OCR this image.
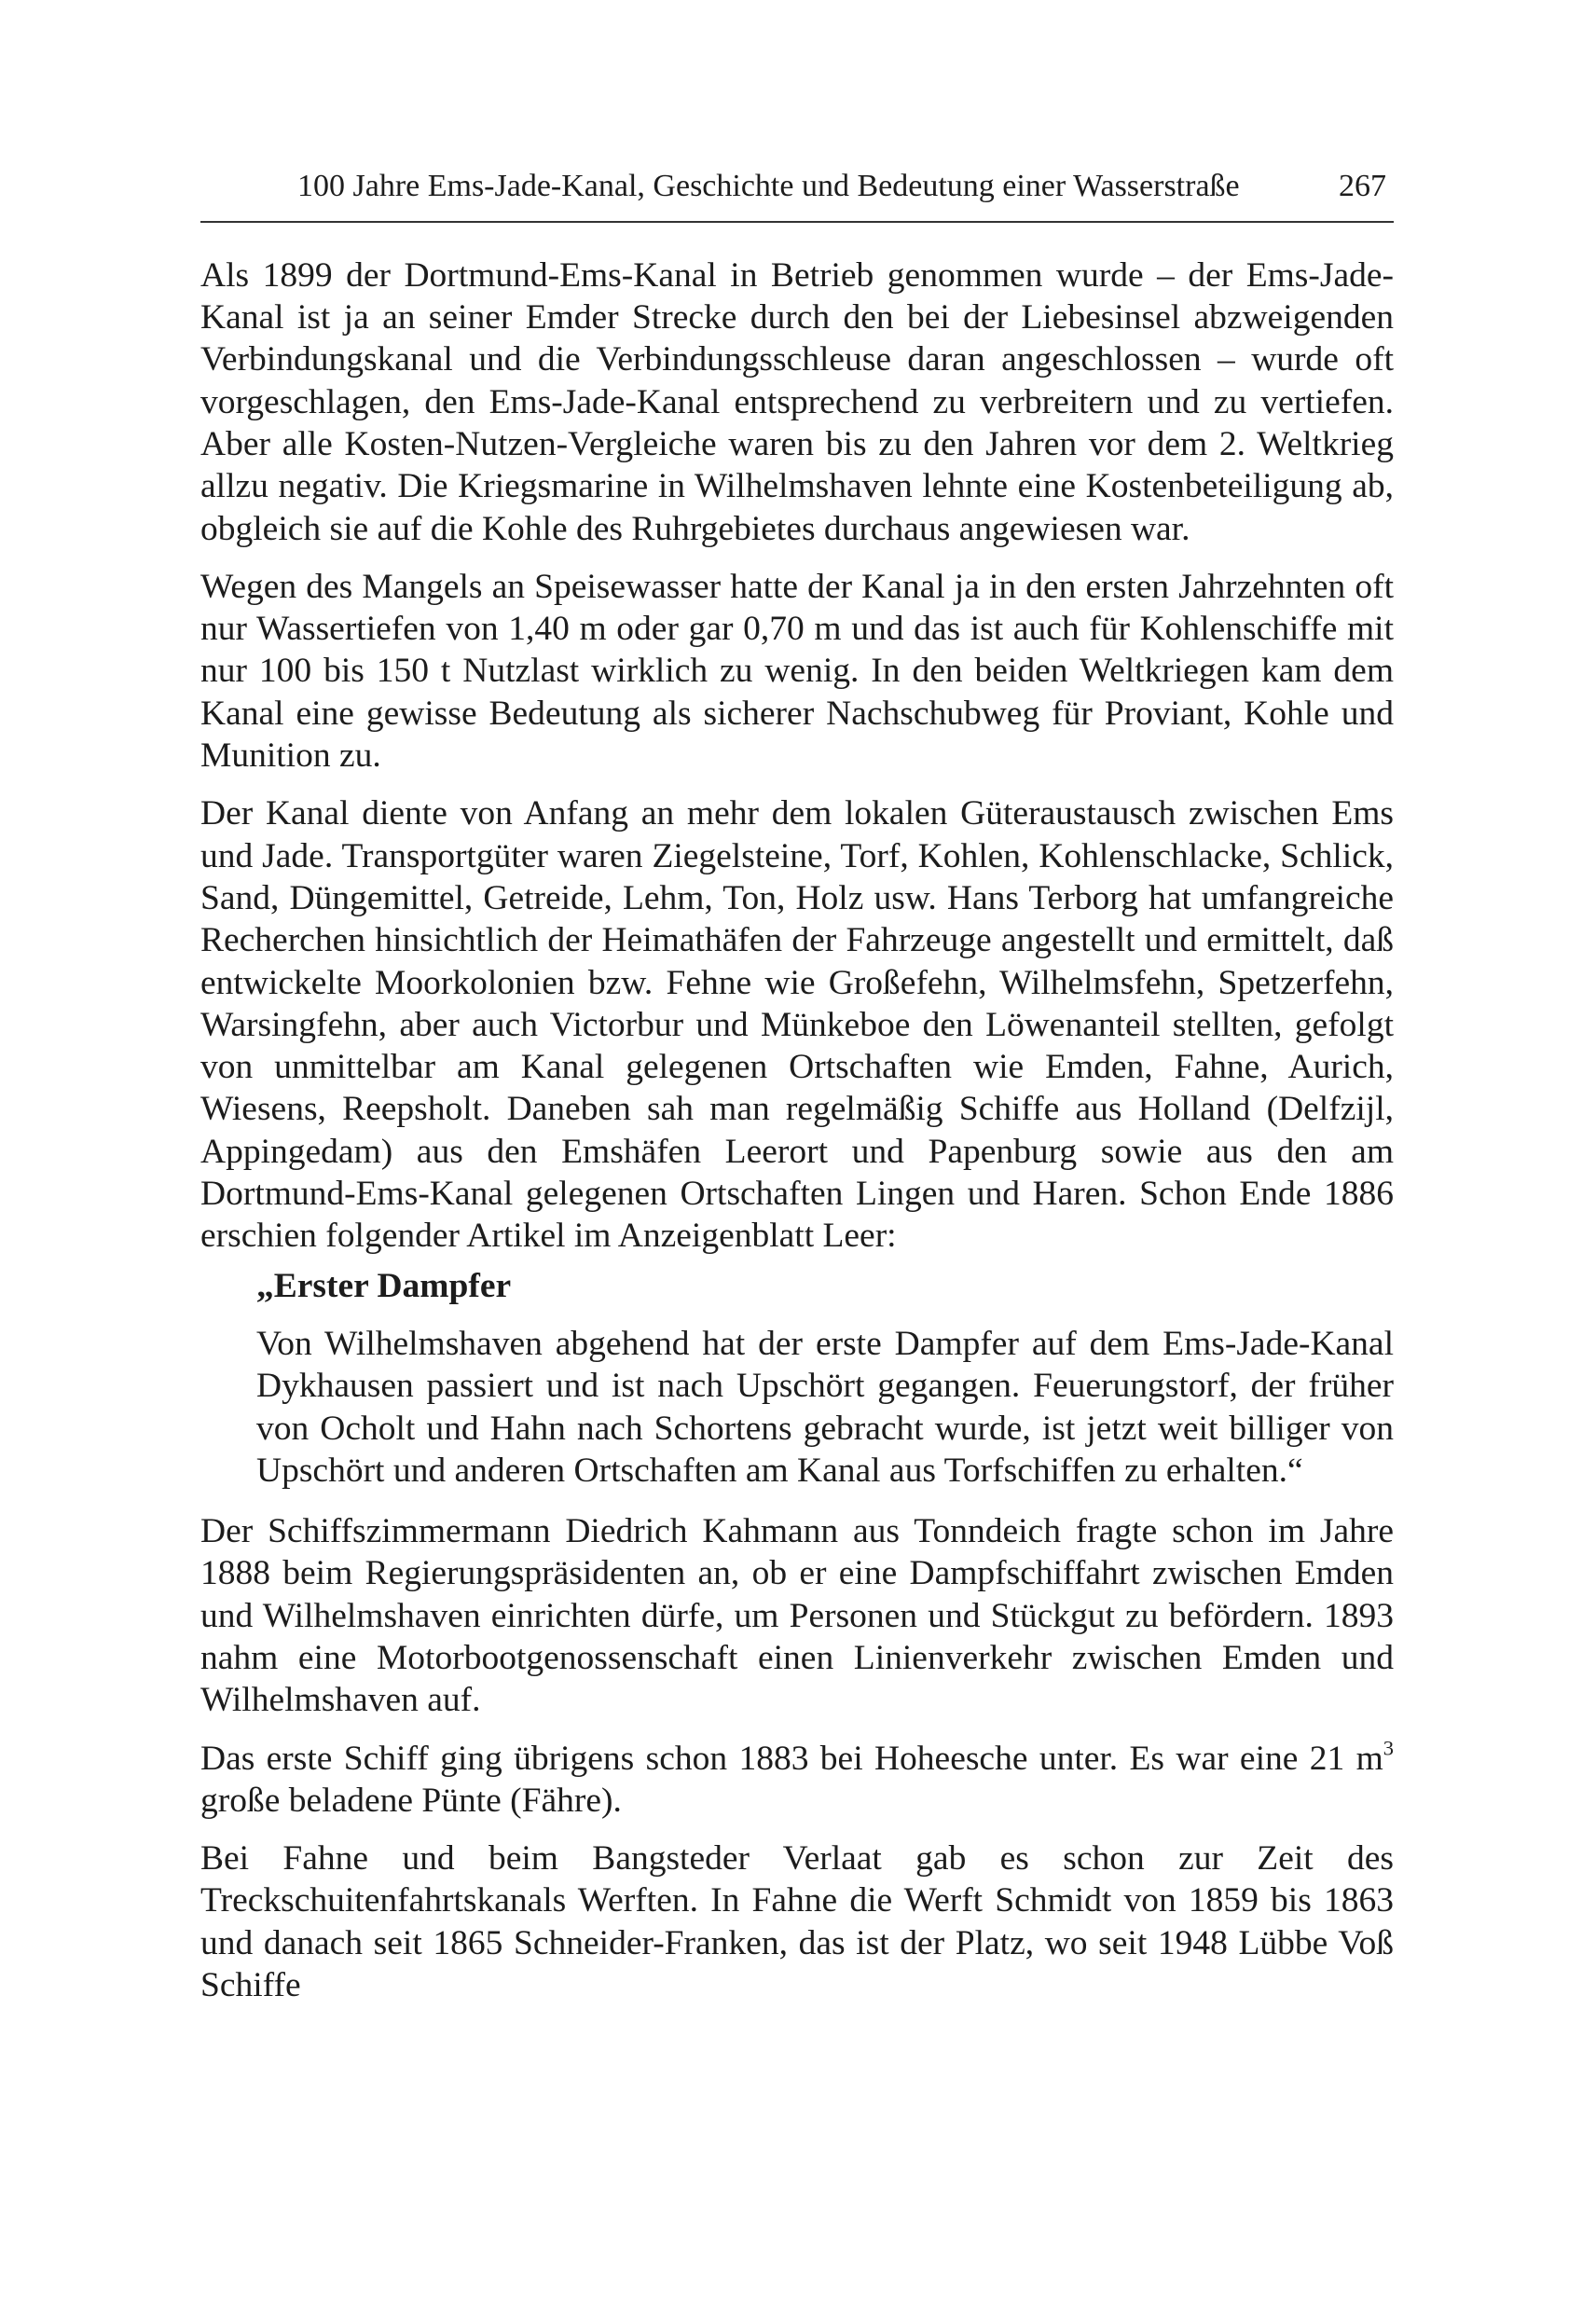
100 Jahre Ems-Jade-Kanal, Geschichte und Bedeutung einer Wasserstraße	267

Als 1899 der Dortmund-Ems-Kanal in Betrieb genommen wurde – der Ems-Jade-Kanal ist ja an seiner Emder Strecke durch den bei der Liebesinsel abzweigenden Verbindungskanal und die Verbindungsschleuse daran angeschlossen – wurde oft vorgeschlagen, den Ems-Jade-Kanal entsprechend zu verbreitern und zu vertiefen. Aber alle Kosten-Nutzen-Vergleiche waren bis zu den Jahren vor dem 2. Weltkrieg allzu negativ. Die Kriegsmarine in Wilhelmshaven lehnte eine Kostenbeteiligung ab, obgleich sie auf die Kohle des Ruhrgebietes durchaus angewiesen war.

Wegen des Mangels an Speisewasser hatte der Kanal ja in den ersten Jahrzehnten oft nur Wassertiefen von 1,40 m oder gar 0,70 m und das ist auch für Kohlenschiffe mit nur 100 bis 150 t Nutzlast wirklich zu wenig. In den beiden Weltkriegen kam dem Kanal eine gewisse Bedeutung als sicherer Nachschubweg für Proviant, Kohle und Munition zu.

Der Kanal diente von Anfang an mehr dem lokalen Güteraustausch zwischen Ems und Jade. Transportgüter waren Ziegelsteine, Torf, Kohlen, Kohlenschlacke, Schlick, Sand, Düngemittel, Getreide, Lehm, Ton, Holz usw. Hans Terborg hat umfangreiche Recherchen hinsichtlich der Heimathäfen der Fahrzeuge angestellt und ermittelt, daß entwickelte Moorkolonien bzw. Fehne wie Großefehn, Wilhelmsfehn, Spetzerfehn, Warsingfehn, aber auch Victorbur und Münkeboe den Löwenanteil stellten, gefolgt von unmittelbar am Kanal gelegenen Ortschaften wie Emden, Fahne, Aurich, Wiesens, Reepsholt. Daneben sah man regelmäßig Schiffe aus Holland (Delfzijl, Appingedam) aus den Emshäfen Leerort und Papenburg sowie aus den am Dortmund-Ems-Kanal gelegenen Ortschaften Lingen und Haren. Schon Ende 1886 erschien folgender Artikel im Anzeigenblatt Leer:

„Erster Dampfer

Von Wilhelmshaven abgehend hat der erste Dampfer auf dem Ems-Jade-Kanal Dykhausen passiert und ist nach Upschört gegangen. Feuerungstorf, der früher von Ocholt und Hahn nach Schortens gebracht wurde, ist jetzt weit billiger von Upschört und anderen Ortschaften am Kanal aus Torfschiffen zu erhalten.“

Der Schiffszimmermann Diedrich Kahmann aus Tonndeich fragte schon im Jahre 1888 beim Regierungspräsidenten an, ob er eine Dampfschiffahrt zwischen Emden und Wilhelmshaven einrichten dürfe, um Personen und Stückgut zu befördern. 1893 nahm eine Motorbootgenossenschaft einen Linienverkehr zwischen Emden und Wilhelmshaven auf.

Das erste Schiff ging übrigens schon 1883 bei Hoheesche unter. Es war eine 21 $m^3$ große beladene Pünte (Fähre).

Bei Fahne und beim Bangsteder Verlaat gab es schon zur Zeit des Treckschuitenfahrtskanals Werften. In Fahne die Werft Schmidt von 1859 bis 1863 und danach seit 1865 Schneider-Franken, das ist der Platz, wo seit 1948 Lübbe Voß Schiffe
